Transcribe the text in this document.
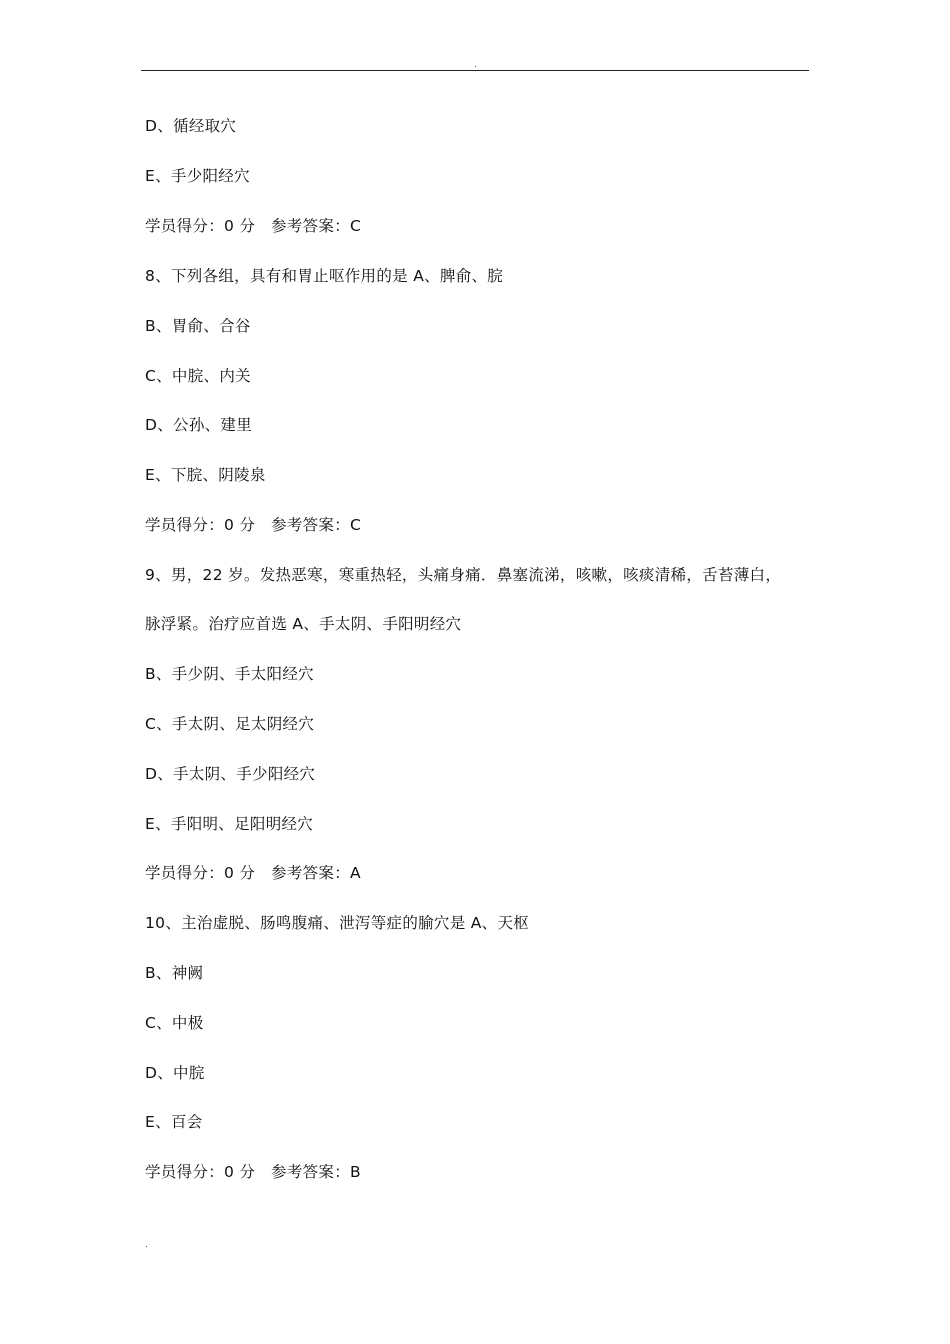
.
D、循经取穴
E、手少阳经穴
学员得分：0 分　参考答案：C
8、下列各组，具有和胃止呕作用的是 A、脾俞、脘
B、胃俞、合谷
C、中脘、内关
D、公孙、建里
E、下脘、阴陵泉
学员得分：0 分　参考答案：C
9、男，22 岁。发热恶寒，寒重热轻，头痛身痛．鼻塞流涕，咳嗽，咳痰清稀，舌苔薄白，
脉浮紧。治疗应首选 A、手太阴、手阳明经穴
B、手少阴、手太阳经穴
C、手太阴、足太阴经穴
D、手太阴、手少阳经穴
E、手阳明、足阳明经穴
学员得分：0 分　参考答案：A
10、主治虚脱、肠鸣腹痛、泄泻等症的腧穴是 A、天枢
B、神阙
C、中极
D、中脘
E、百会
学员得分：0 分　参考答案：B
.
